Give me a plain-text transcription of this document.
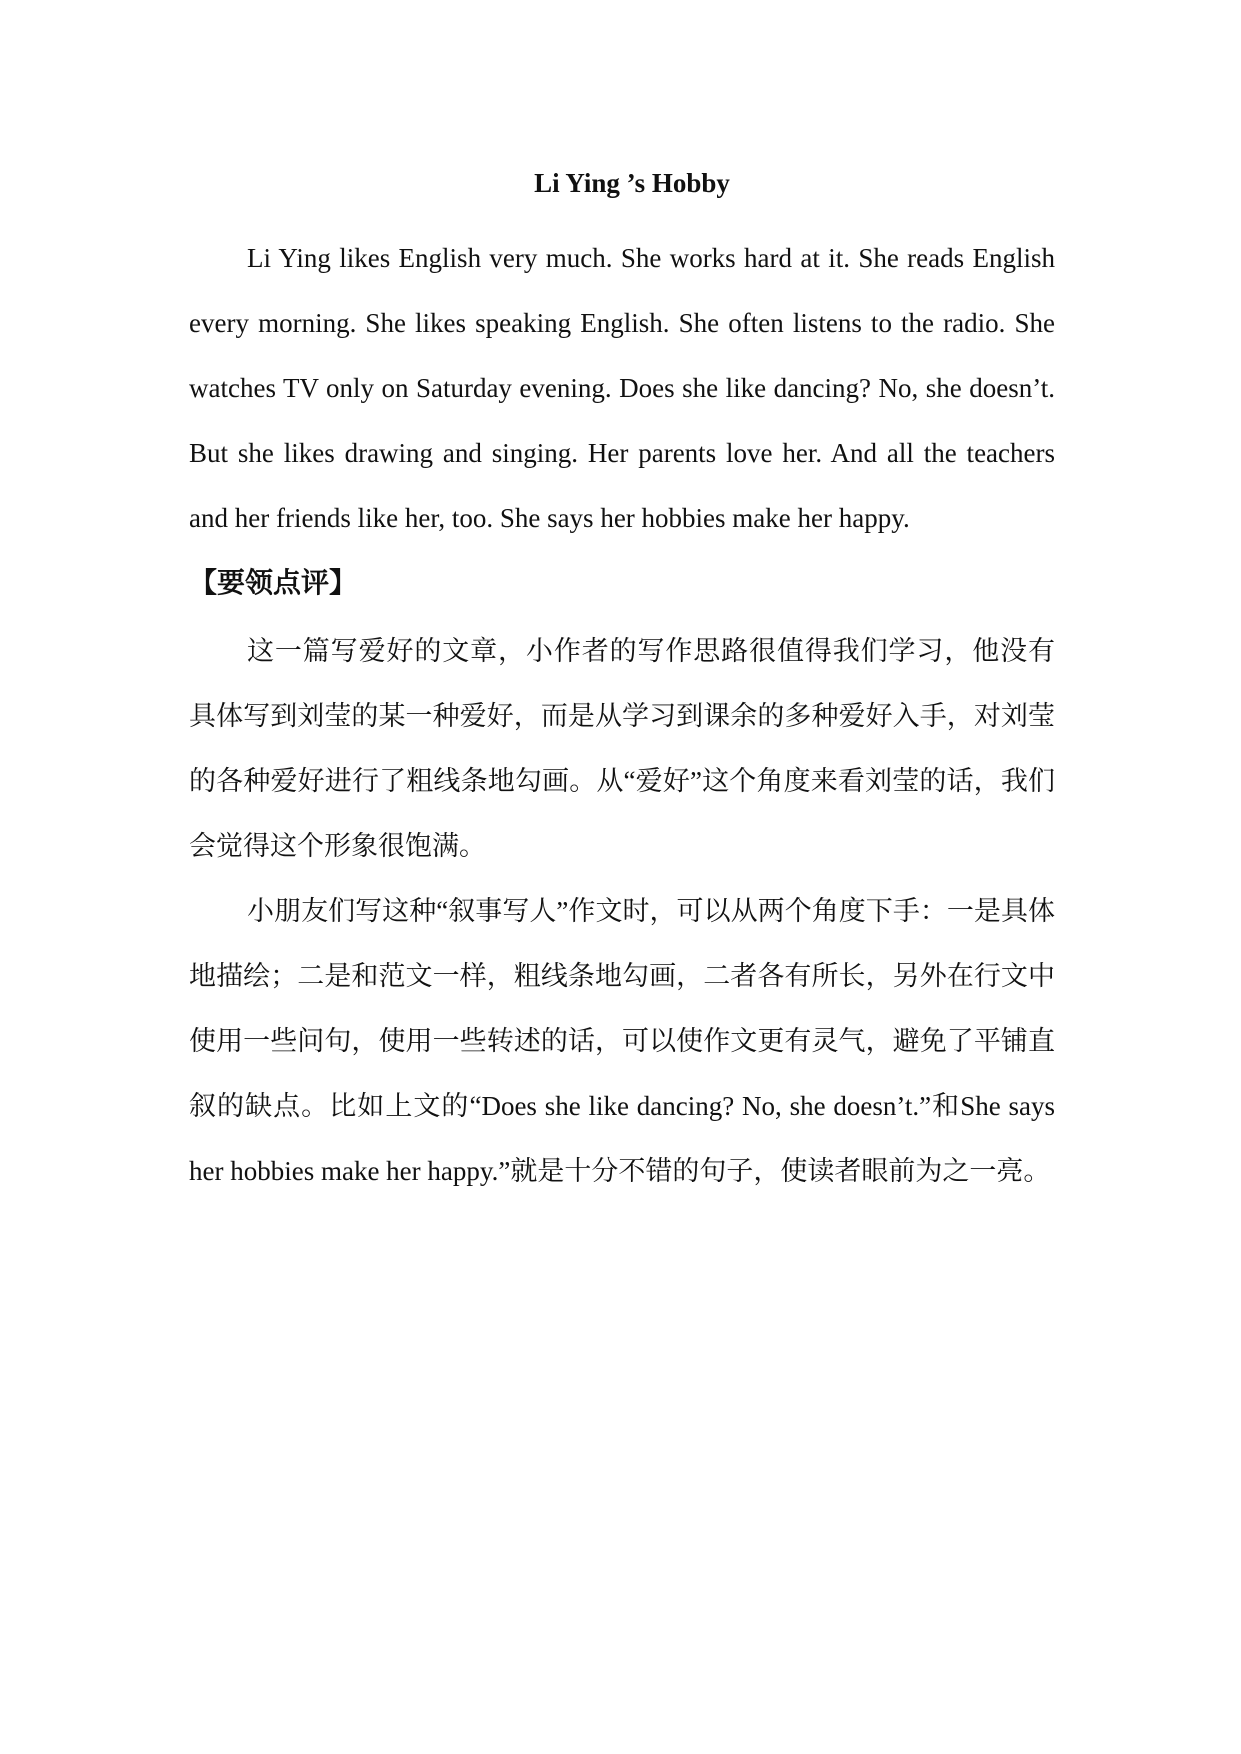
Li Ying ’s Hobby

Li Ying likes English very much. She works hard at it. She reads English every morning. She likes speaking English. She often listens to the radio. She watches TV only on Saturday evening. Does she like dancing? No, she doesn’t. But she likes drawing and singing. Her parents love her. And all the teachers and her friends like her, too. She says her hobbies make her happy.

【要领点评】

这一篇写爱好的文章，小作者的写作思路很值得我们学习，他没有具体写到刘莹的某一种爱好，而是从学习到课余的多种爱好入手，对刘莹的各种爱好进行了粗线条地勾画。从“爱好”这个角度来看刘莹的话，我们会觉得这个形象很饱满。

小朋友们写这种“叙事写人”作文时，可以从两个角度下手：一是具体地描绘；二是和范文一样，粗线条地勾画，二者各有所长，另外在行文中使用一些问句，使用一些转述的话，可以使作文更有灵气，避免了平铺直叙的缺点。比如上文的“Does she like dancing? No, she doesn’t.”和She says her hobbies make her happy.”就是十分不错的句子，使读者眼前为之一亮。
